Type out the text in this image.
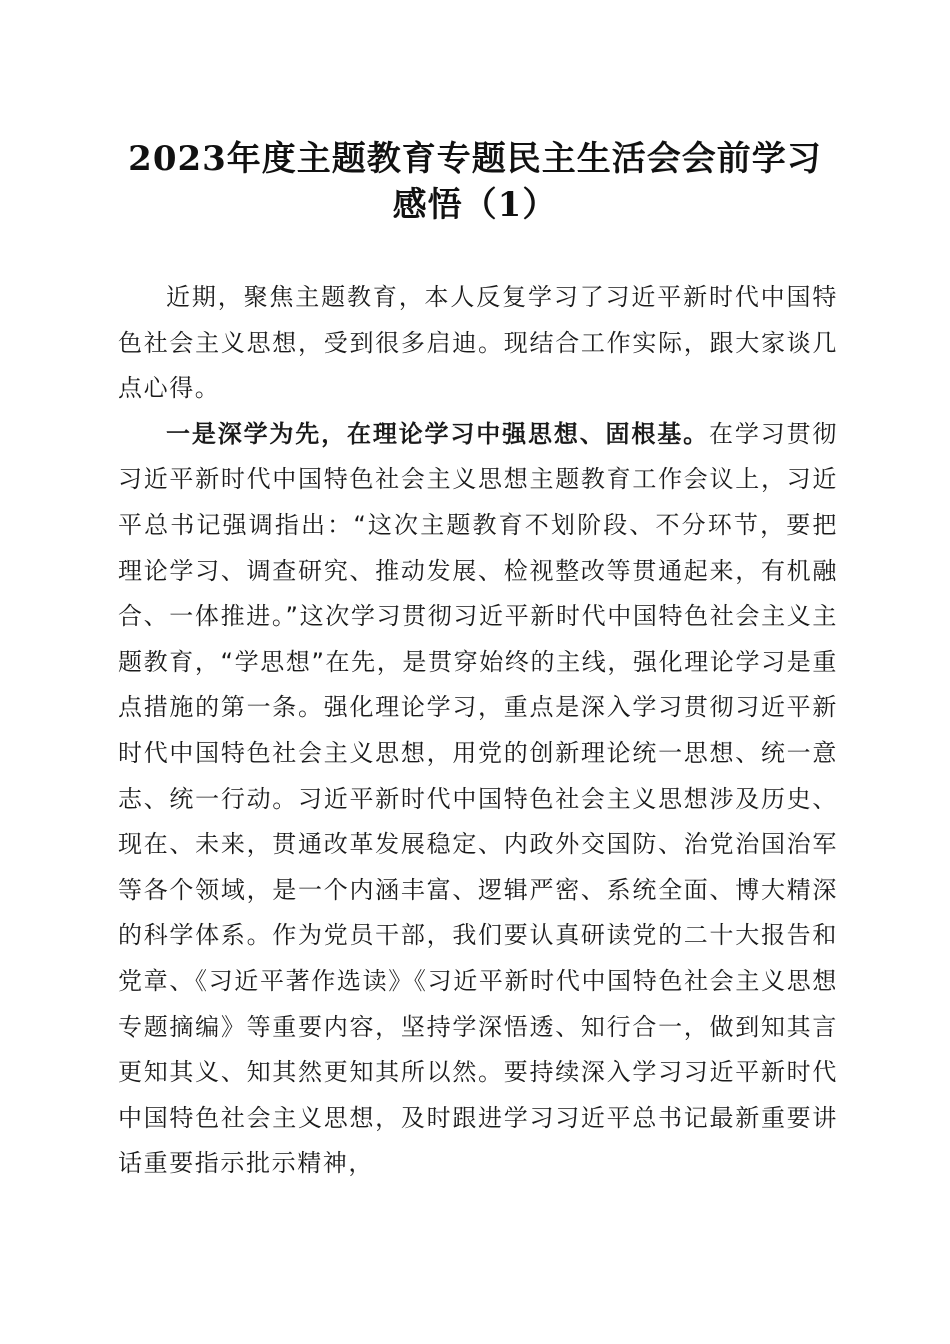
2023年度主题教育专题民主生活会会前学习
感悟（1）

近期，聚焦主题教育，本人反复学习了习近平新时代中国特色社会主义思想，受到很多启迪。现结合工作实际，跟大家谈几点心得。

一是深学为先，在理论学习中强思想、固根基。在学习贯彻习近平新时代中国特色社会主义思想主题教育工作会议上，习近平总书记强调指出：“这次主题教育不划阶段、不分环节，要把理论学习、调查研究、推动发展、检视整改等贯通起来，有机融合、一体推进。”这次学习贯彻习近平新时代中国特色社会主义主题教育，“学思想”在先，是贯穿始终的主线，强化理论学习是重点措施的第一条。强化理论学习，重点是深入学习贯彻习近平新时代中国特色社会主义思想，用党的创新理论统一思想、统一意志、统一行动。习近平新时代中国特色社会主义思想涉及历史、现在、未来，贯通改革发展稳定、内政外交国防、治党治国治军等各个领域，是一个内涵丰富、逻辑严密、系统全面、博大精深的科学体系。作为党员干部，我们要认真研读党的二十大报告和党章、《习近平著作选读》《习近平新时代中国特色社会主义思想专题摘编》等重要内容，坚持学深悟透、知行合一，做到知其言更知其义、知其然更知其所以然。要持续深入学习习近平新时代中国特色社会主义思想，及时跟进学习习近平总书记最新重要讲话重要指示批示精神，
